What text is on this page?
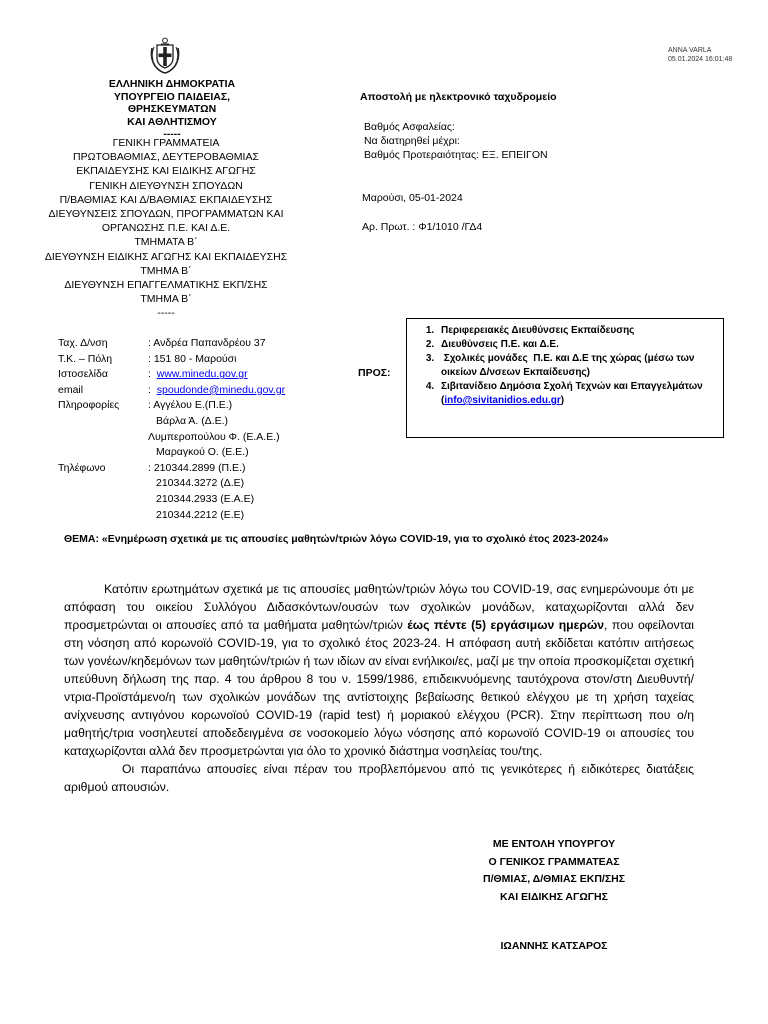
ANNA VARLA
05.01.2024 16:01:48
ΕΛΛΗΝΙΚΗ ΔΗΜΟΚΡΑΤΙΑ
ΥΠΟΥΡΓΕΙΟ ΠΑΙΔΕΙΑΣ, ΘΡΗΣΚΕΥΜΑΤΩΝ
ΚΑΙ ΑΘΛΗΤΙΣΜΟΥ
-----
ΓΕΝΙΚΗ ΓΡΑΜΜΑΤΕΙΑ
ΠΡΩΤΟΒΑΘΜΙΑΣ, ΔΕΥΤΕΡΟΒΑΘΜΙΑΣ
ΕΚΠΑΙΔΕΥΣΗΣ ΚΑΙ ΕΙΔΙΚΗΣ ΑΓΩΓΗΣ
ΓΕΝΙΚΗ ΔΙΕΥΘΥΝΣΗ ΣΠΟΥΔΩΝ
Π/ΒΑΘΜΙΑΣ ΚΑΙ Δ/ΒΑΘΜΙΑΣ ΕΚΠΑΙΔΕΥΣΗΣ
ΔΙΕΥΘΥΝΣΕΙΣ ΣΠΟΥΔΩΝ, ΠΡΟΓΡΑΜΜΑΤΩΝ ΚΑΙ
ΟΡΓΑΝΩΣΗΣ Π.Ε. ΚΑΙ Δ.Ε.
ΤΜΗΜΑΤΑ Β΄
ΔΙΕΥΘΥΝΣΗ ΕΙΔΙΚΗΣ ΑΓΩΓΗΣ ΚΑΙ ΕΚΠΑΙΔΕΥΣΗΣ
ΤΜΗΜΑ Β΄
ΔΙΕΥΘΥΝΣΗ ΕΠΑΓΓΕΛΜΑΤΙΚΗΣ ΕΚΠ/ΣΗΣ
ΤΜΗΜΑ Β΄
-----
Αποστολή με ηλεκτρονικό ταχυδρομείο
Βαθμός Ασφαλείας:
Να διατηρηθεί μέχρι:
Βαθμός Προτεραιότητας: ΕΞ. ΕΠΕΙΓΟΝ
Μαρούσι, 05-01-2024
Αρ. Πρωτ. : Φ1/1010 /ΓΔ4
Ταχ. Δ/νση	: Ανδρέα Παπανδρέου 37
Τ.Κ. – Πόλη	: 151 80 - Μαρούσι
Ιστοσελίδα	:  www.minedu.gov.gr
email	:  spoudonde@minedu.gov.gr
Πληροφορίες	: Αγγέλου Ε.(Π.Ε.)
Βάρλα Ά. (Δ.Ε.)
Λυμπεροπούλου Φ. (Ε.Α.Ε.)
Μαραγκού Ο. (Ε.Ε.)
Τηλέφωνο	: 210344.2899 (Π.Ε.)
210344.3272 (Δ.Ε)
210344.2933 (Ε.Α.Ε)
210344.2212 (Ε.Ε)
ΠΡΟΣ:
1. Περιφερειακές Διευθύνσεις Εκπαίδευσης
2. Διευθύνσεις Π.Ε. και Δ.Ε.
3.  Σχολικές μονάδες  Π.Ε. και Δ.Ε της χώρας (μέσω των οικείων Δ/νσεων Εκπαίδευσης)
4. Σιβιτανίδειο Δημόσια Σχολή Τεχνών και Επαγγελμάτων
(info@sivitanidios.edu.gr)
ΘΕΜΑ: «Ενημέρωση σχετικά με τις απουσίες μαθητών/τριών λόγω COVID-19, για το σχολικό έτος 2023-2024»

Κατόπιν ερωτημάτων σχετικά με τις απουσίες μαθητών/τριών λόγω του COVID-19, σας ενημερώνουμε ότι με απόφαση του οικείου Συλλόγου Διδασκόντων/ουσών των σχολικών μονάδων, καταχωρίζονται αλλά δεν προσμετρώνται οι απουσίες από τα μαθήματα μαθητών/τριών έως πέντε (5) εργάσιμων ημερών, που οφείλονται στη νόσηση από κορωνοϊό COVID-19, για το σχολικό έτος 2023-24. Η απόφαση αυτή εκδίδεται κατόπιν αιτήσεως των γονέων/κηδεμόνων των μαθητών/τριών ή των ιδίων αν είναι ενήλικοι/ες, μαζί με την οποία προσκομίζεται σχετική υπεύθυνη δήλωση της παρ. 4 του άρθρου 8 του ν. 1599/1986, επιδεικνυόμενης ταυτόχρονα στον/στη Διευθυντή/ντρια-Προϊστάμενο/η των σχολικών μονάδων της αντίστοιχης βεβαίωσης θετικού ελέγχου με τη χρήση ταχείας ανίχνευσης αντιγόνου κορωνοϊού COVID-19 (rapid test) ή μοριακού ελέγχου (PCR). Στην περίπτωση που ο/η μαθητής/τρια νοσηλευτεί αποδεδειγμένα σε νοσοκομείο λόγω νόσησης από κορωνοϊό COVID-19 οι απουσίες του καταχωρίζονται αλλά δεν προσμετρώνται για όλο το χρονικό διάστημα νοσηλείας του/της.

Οι παραπάνω απουσίες είναι πέραν του προβλεπόμενου από τις γενικότερες ή ειδικότερες διατάξεις αριθμού απουσιών.

ΜΕ ΕΝΤΟΛΗ ΥΠΟΥΡΓΟΥ
Ο ΓΕΝΙΚΟΣ ΓΡΑΜΜΑΤΕΑΣ
Π/ΘΜΙΑΣ, Δ/ΘΜΙΑΣ ΕΚΠ/ΣΗΣ
ΚΑΙ ΕΙΔΙΚΗΣ ΑΓΩΓΗΣ
ΙΩΑΝΝΗΣ ΚΑΤΣΑΡΟΣ
